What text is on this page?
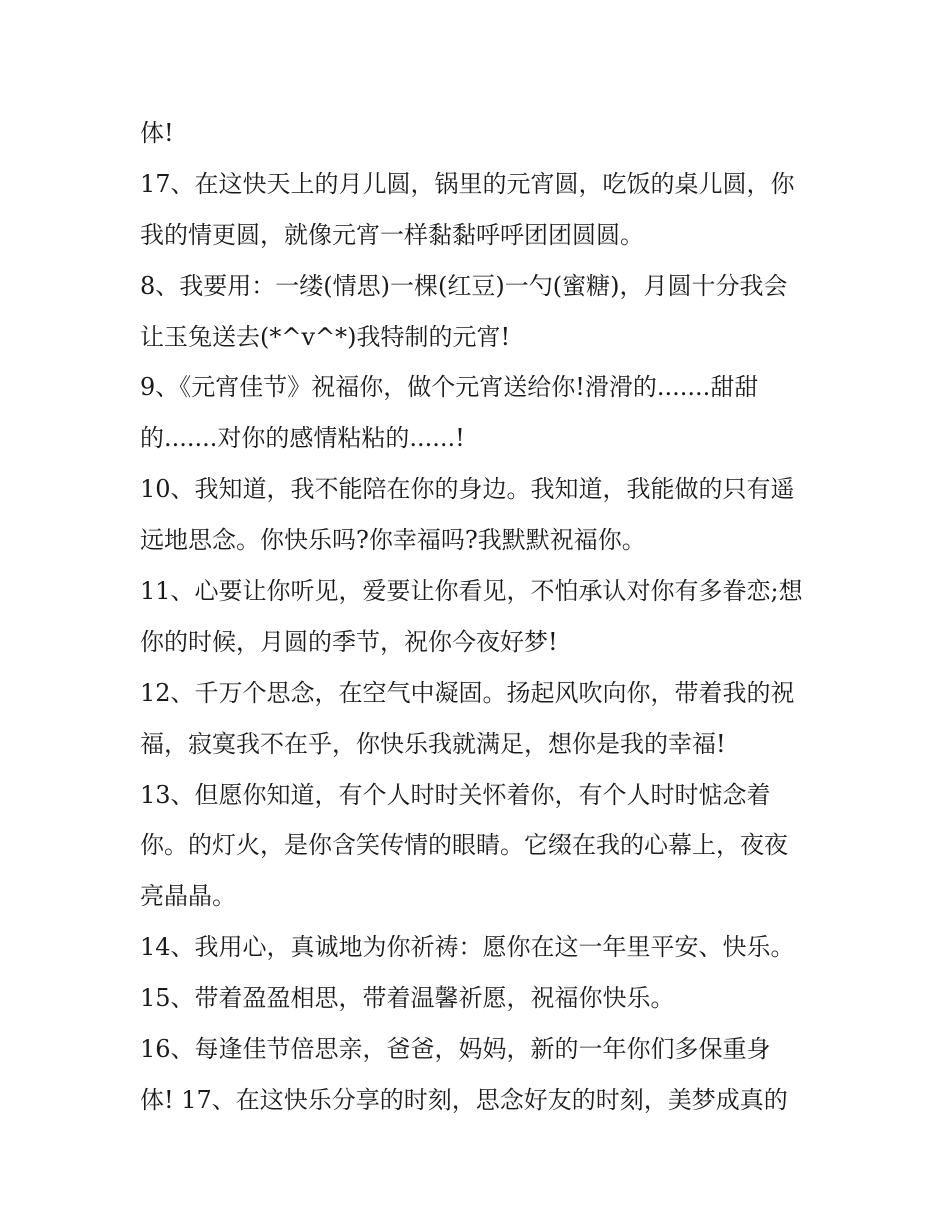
体!
17、在这快天上的月儿圆，锅里的元宵圆，吃饭的桌儿圆，你
我的情更圆，就像元宵一样黏黏呼呼团团圆圆。
8、我要用：一缕(情思)一棵(红豆)一勺(蜜糖)，月圆十分我会
让玉兔送去(*^v^*)我特制的元宵!
9、《元宵佳节》祝福你，做个元宵送给你!滑滑的.......甜甜
的.......对你的感情粘粘的......!
10、我知道，我不能陪在你的身边。我知道，我能做的只有遥
远地思念。你快乐吗?你幸福吗?我默默祝福你。
11、心要让你听见，爱要让你看见，不怕承认对你有多眷恋;想
你的时候，月圆的季节，祝你今夜好梦!
12、千万个思念，在空气中凝固。扬起风吹向你，带着我的祝
福，寂寞我不在乎，你快乐我就满足，想你是我的幸福!
13、但愿你知道，有个人时时关怀着你，有个人时时惦念着
你。的灯火，是你含笑传情的眼睛。它缀在我的心幕上，夜夜
亮晶晶。
14、我用心，真诚地为你祈祷：愿你在这一年里平安、快乐。
15、带着盈盈相思，带着温馨祈愿，祝福你快乐。
16、每逢佳节倍思亲，爸爸，妈妈，新的一年你们多保重身
体! 17、在这快乐分享的时刻，思念好友的时刻，美梦成真的
